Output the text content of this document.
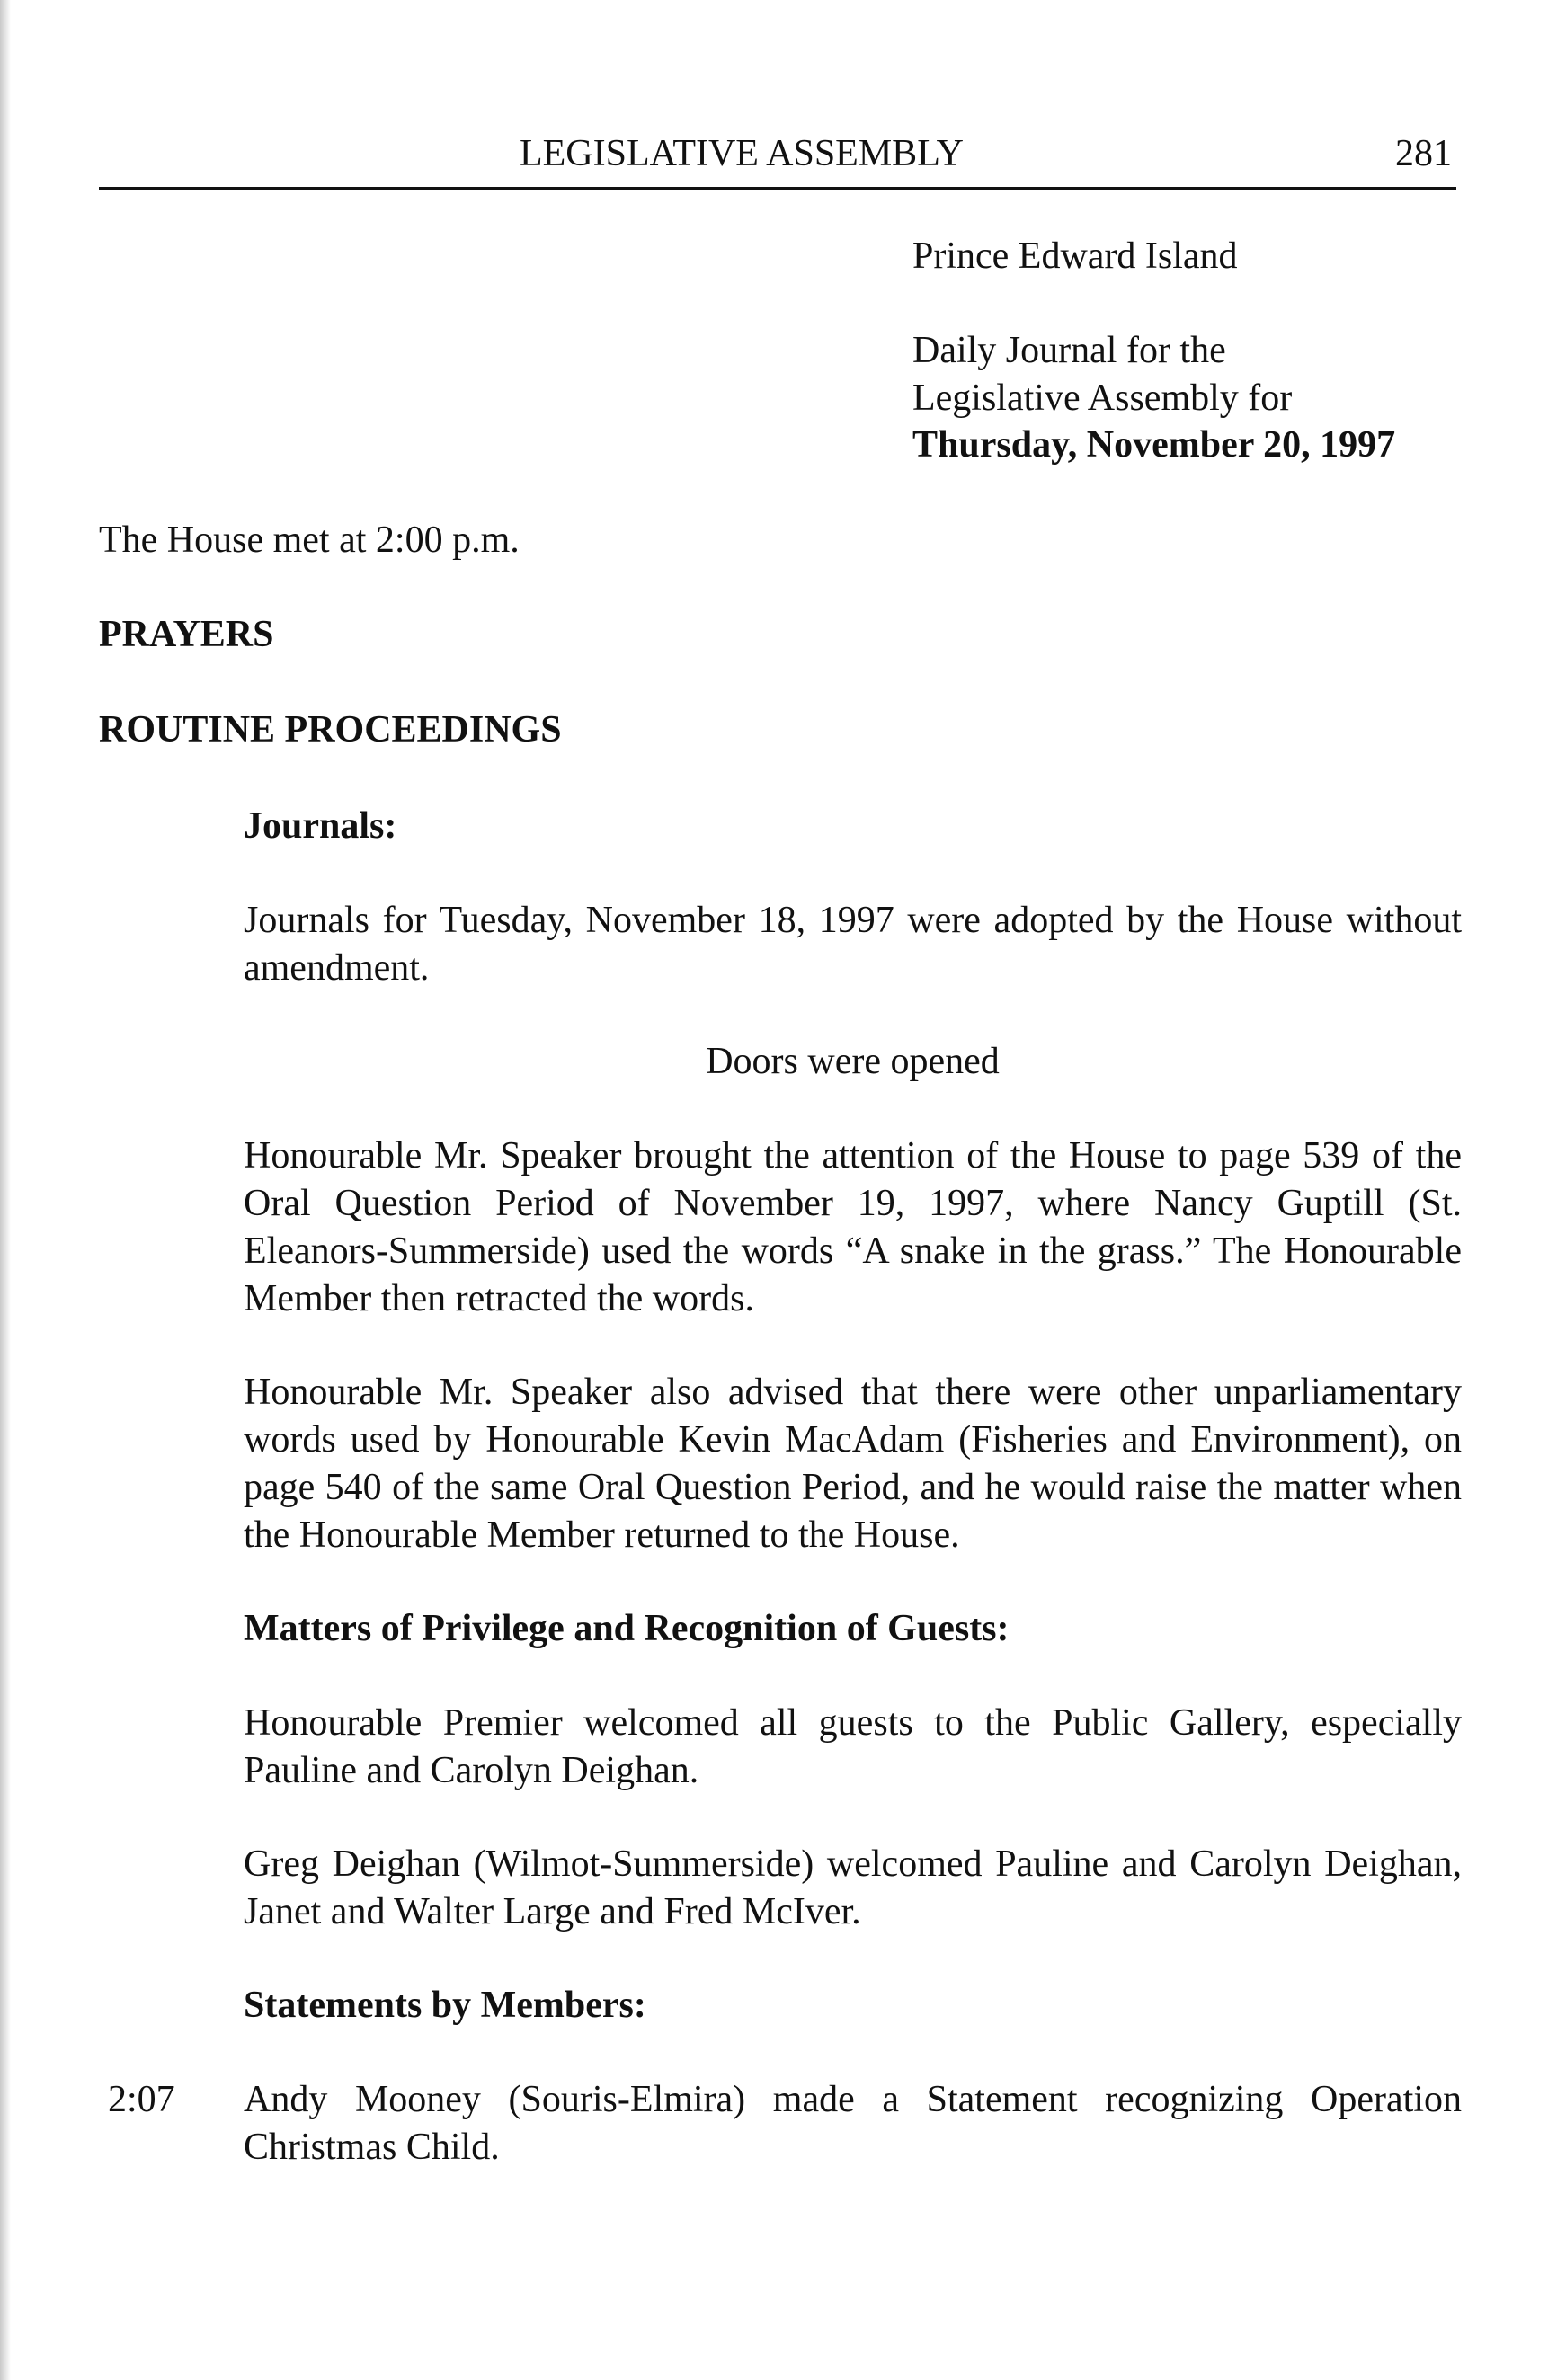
LEGISLATIVE ASSEMBLY	281
Prince Edward Island
Daily Journal for the
Legislative Assembly for
Thursday, November 20, 1997
The House met at 2:00 p.m.
PRAYERS
ROUTINE PROCEEDINGS
Journals:
Journals for Tuesday, November 18, 1997 were adopted by the House without amendment.
Doors were opened
Honourable Mr. Speaker brought the attention of the House to page 539 of the Oral Question Period of November 19, 1997, where Nancy Guptill (St. Eleanors-Summerside) used the words “A snake in the grass.” The Honourable Member then retracted the words.
Honourable Mr. Speaker also advised that there were other unparliamentary words used by Honourable Kevin MacAdam (Fisheries and Environment), on page 540 of the same Oral Question Period, and he would raise the matter when the Honourable Member returned to the House.
Matters of Privilege and Recognition of Guests:
Honourable Premier welcomed all guests to the Public Gallery, especially Pauline and Carolyn Deighan.
Greg Deighan (Wilmot-Summerside) welcomed Pauline and Carolyn Deighan, Janet and Walter Large and Fred McIver.
Statements by Members:
2:07 Andy Mooney (Souris-Elmira) made a Statement recognizing Operation Christmas Child.
